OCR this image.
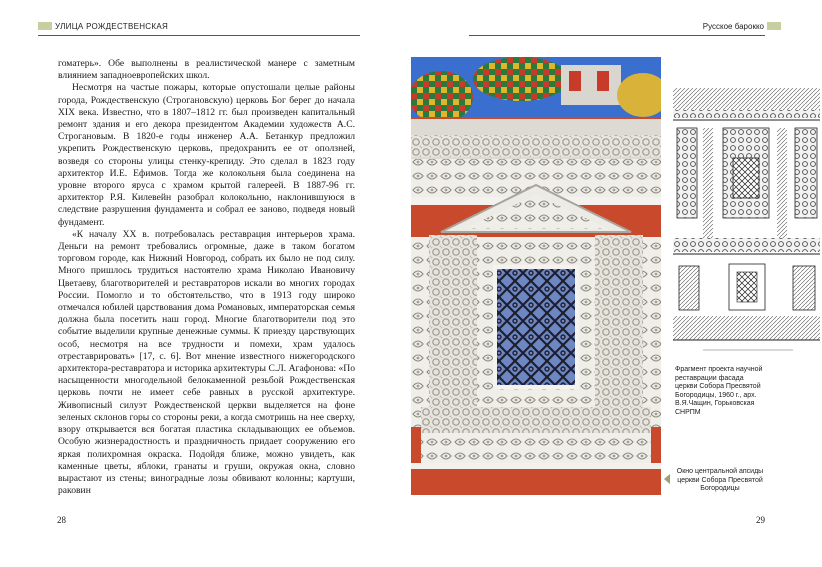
УЛИЦА РОЖДЕСТВЕНСКАЯ

гоматерь». Обе выполнены в реалистической манере с заметным влиянием западноевропейских школ.

Несмотря на частые пожары, которые опустошали целые районы города, Рождественскую (Строгановскую) церковь Бог берег до начала XIX века. Известно, что в 1807–1812 гг. был произведен капитальный ремонт здания и его декора президентом Академии художеств А.С. Строгановым. В 1820-е годы инженер А.А. Бетанкур предложил укрепить Рождественскую церковь, предохранить ее от оползней, возведя со стороны улицы стенку-крепиду. Это сделал в 1823 году архитектор И.Е. Ефимов. Тогда же колокольня была соединена на уровне второго яруса с храмом крытой галереей. В 1887-96 гг. архитектор Р.Я. Килевейн разобрал колокольню, наклонившуюся в следствие разрушения фундамента и собрал ее заново, подведя новый фундамент.

«К началу XX в. потребовалась реставрация интерьеров храма. Деньги на ремонт требовались огромные, даже в таком богатом торговом городе, как Нижний Новгород, собрать их было не под силу. Много пришлось трудиться настоятелю храма Николаю Ивановичу Цветаеву, благотворителей и реставраторов искали во многих городах России. Помогло и то обстоятельство, что в 1913 году широко отмечался юбилей царствования дома Романовых, императорская семья должна была посетить наш город. Многие благотворители под это событие выделили крупные денежные суммы. К приезду царствующих особ, несмотря на все трудности и помехи, храм удалось отреставрировать» [17, с. 6]. Вот мнение известного нижегородского архитектора-реставратора и историка архитектуры С.Л. Агафонова: «По насыщенности многодельной белокаменной резьбой Рождественская церковь почти не имеет себе равных в русской архитектуре. Живописный силуэт Рождественской церкви выделяется на фоне зеленых склонов горы со стороны реки, а когда смотришь на нее сверху, взору открывается вся богатая пластика складывающих ее объемов. Особую жизнерадостность и праздничность придает сооружению его яркая полихромная окраска. Подойдя ближе, можно увидеть, как каменные цветы, яблоки, гранаты и груши, окружая окна, словно вырастают из стены; виноградные лозы обвивают колонны; картуши, раковин

28
Русское барокко
Фрагмент проекта научной реставрации фасада церкви Собора Пресвятой Богородицы, 1960 г., арх. В.Я.Чащин, Горьковская СНРПМ
Окно центральной апсиды церкви Собора Пресвятой Богородицы
29
